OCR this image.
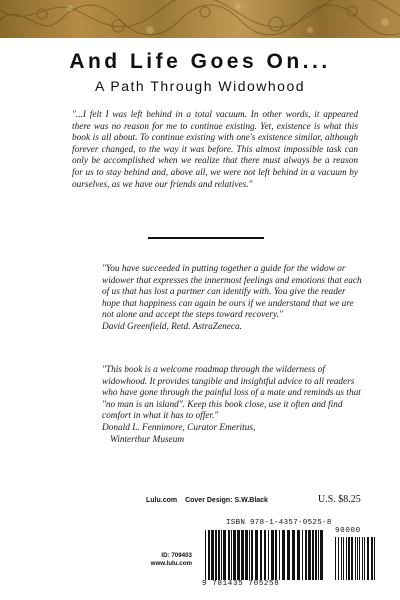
And Life Goes On...
A Path Through Widowhood
"...I felt I was left behind in a total vacuum. In other words, it appeared there was no reason for me to continue existing. Yet, existence is what this book is all about. To continue existing with one's existence similar, although forever changed, to the way it was before. This almost impossible task can only be accomplished when we realize that there must always be a reason for us to stay behind and, above all, we were not left behind in a vacuum by ourselves, as we have our friends and relatives."
"You have succeeded in putting together a guide for the widow or widower that expresses the innermost feelings and emotions that each of us that has lost a partner can identify with. You give the reader hope that happiness can again be ours if we understand that we are not alone and accept the steps toward recovery."
David Greenfield, Retd. AstraZeneca.
"This book is a welcome roadmap through the wilderness of widowhood. It provides tangible and insightful advice to all readers who have gone through the painful loss of a mate and reminds us that "no man is an island". Keep this book close, use it often and find comfort in what it has to offer."
Donald L. Fennimore, Curator Emeritus,
Winterthur Museum
Lulu.com Cover Design: S.W.Black	U.S. $8.25
ID: 709403
www.lulu.com
ISBN 978-1-4357-0525-8
9 781435 705258
90000
